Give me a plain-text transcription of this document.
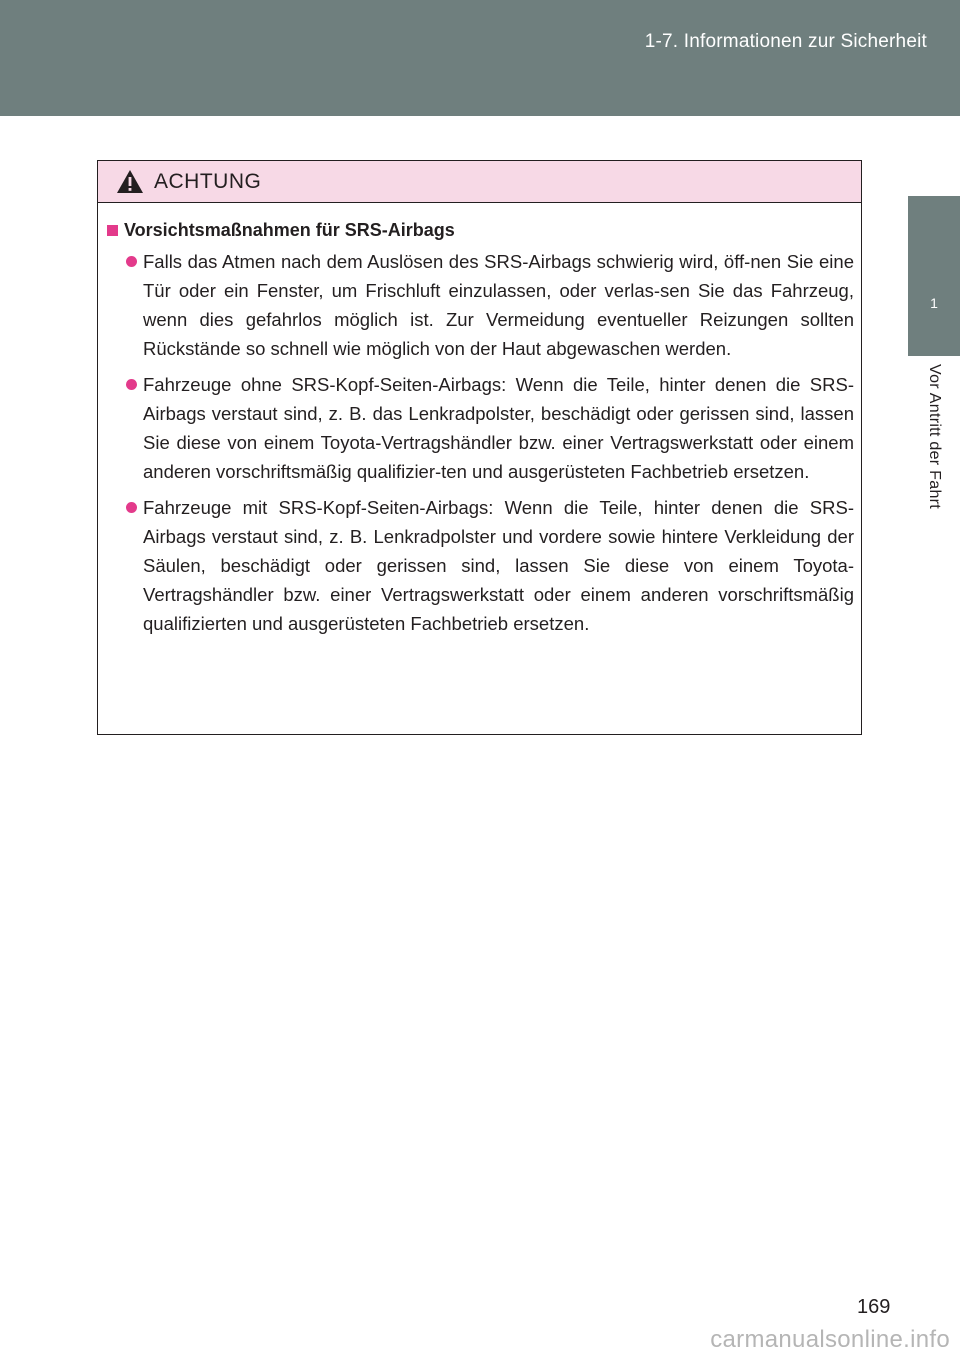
1-7. Informationen zur Sicherheit
1
Vor Antritt der Fahrt
ACHTUNG
Vorsichtsmaßnahmen für SRS-Airbags
Falls das Atmen nach dem Auslösen des SRS-Airbags schwierig wird, öff-nen Sie eine Tür oder ein Fenster, um Frischluft einzulassen, oder verlas-sen Sie das Fahrzeug, wenn dies gefahrlos möglich ist. Zur Vermeidung eventueller Reizungen sollten Rückstände so schnell wie möglich von der Haut abgewaschen werden.
Fahrzeuge ohne SRS-Kopf-Seiten-Airbags: Wenn die Teile, hinter denen die SRS-Airbags verstaut sind, z. B. das Lenkradpolster, beschädigt oder gerissen sind, lassen Sie diese von einem Toyota-Vertragshändler bzw. einer Vertragswerkstatt oder einem anderen vorschriftsmäßig qualifizier-ten und ausgerüsteten Fachbetrieb ersetzen.
Fahrzeuge mit SRS-Kopf-Seiten-Airbags: Wenn die Teile, hinter denen die SRS-Airbags verstaut sind, z. B. Lenkradpolster und vordere sowie hintere Verkleidung der Säulen, beschädigt oder gerissen sind, lassen Sie diese von einem Toyota-Vertragshändler bzw. einer Vertragswerkstatt oder einem anderen vorschriftsmäßig qualifizierten und ausgerüsteten Fachbetrieb ersetzen.
169
carmanualsonline.info
